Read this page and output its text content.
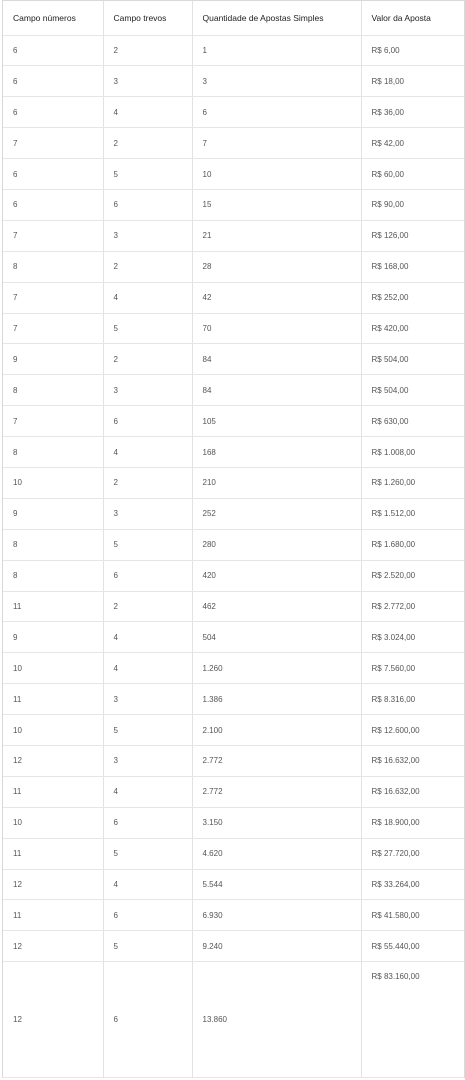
Campo números	Campo trevos	Quantidade de Apostas Simples	Valor da Aposta
6	2	1	R$ 6,00
6	3	3	R$ 18,00
6	4	6	R$ 36,00
7	2	7	R$ 42,00
6	5	10	R$ 60,00
6	6	15	R$ 90,00
7	3	21	R$ 126,00
8	2	28	R$ 168,00
7	4	42	R$ 252,00
7	5	70	R$ 420,00
9	2	84	R$ 504,00
8	3	84	R$ 504,00
7	6	105	R$ 630,00
8	4	168	R$ 1.008,00
10	2	210	R$ 1.260,00
9	3	252	R$ 1.512,00
8	5	280	R$ 1.680,00
8	6	420	R$ 2.520,00
11	2	462	R$ 2.772,00
9	4	504	R$ 3.024,00
10	4	1.260	R$ 7.560,00
11	3	1.386	R$ 8.316,00
10	5	2.100	R$ 12.600,00
12	3	2.772	R$ 16.632,00
11	4	2.772	R$ 16.632,00
10	6	3.150	R$ 18.900,00
11	5	4.620	R$ 27.720,00
12	4	5.544	R$ 33.264,00
11	6	6.930	R$ 41.580,00
12	5	9.240	R$ 55.440,00
12	6	13.860	R$ 83.160,00
